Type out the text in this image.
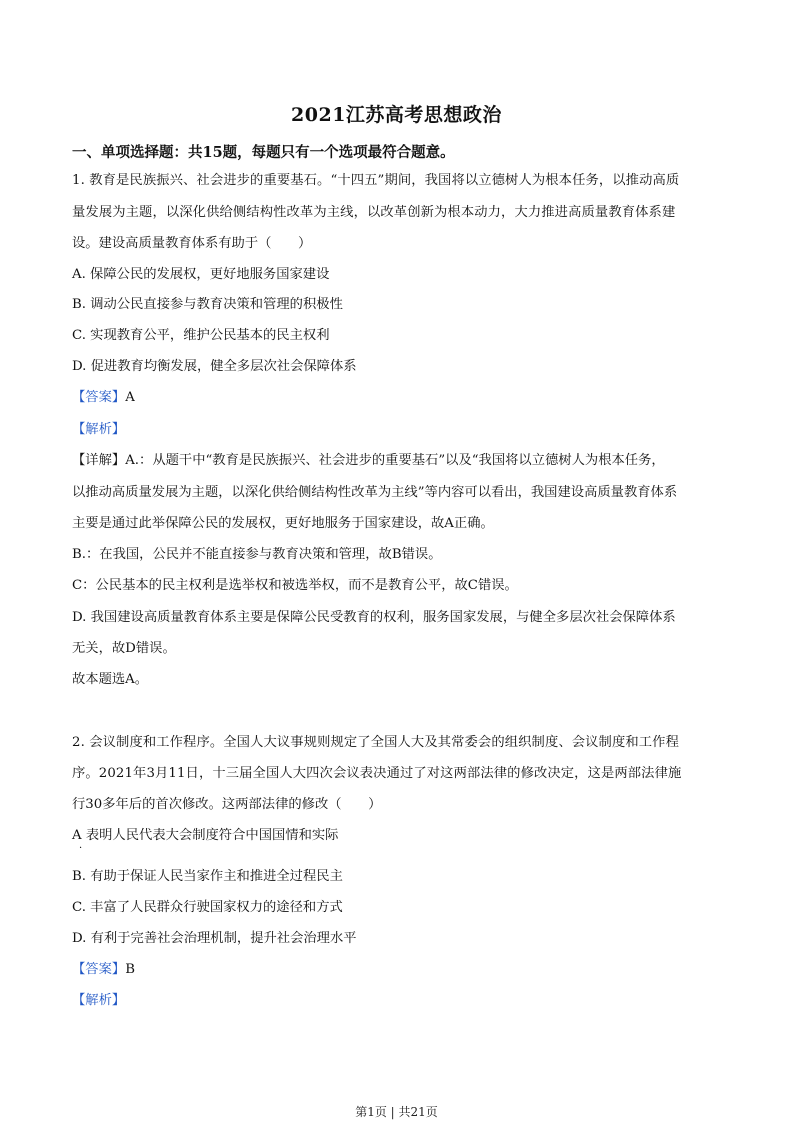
2021江苏高考思想政治
一、单项选择题：共15题，每题只有一个选项最符合题意。
1. 教育是民族振兴、社会进步的重要基石。“十四五”期间，我国将以立德树人为根本任务，以推动高质
量发展为主题，以深化供给侧结构性改革为主线，以改革创新为根本动力，大力推进高质量教育体系建
设。建设高质量教育体系有助于（　　）
A. 保障公民的发展权，更好地服务国家建设
B. 调动公民直接参与教育决策和管理的积极性
C. 实现教育公平，维护公民基本的民主权利
D. 促进教育均衡发展，健全多层次社会保障体系
【答案】A
【解析】
【详解】A.：从题干中“教育是民族振兴、社会进步的重要基石”以及“我国将以立德树人为根本任务，
以推动高质量发展为主题，以深化供给侧结构性改革为主线”等内容可以看出，我国建设高质量教育体系
主要是通过此举保障公民的发展权，更好地服务于国家建设，故A正确。
B.：在我国，公民并不能直接参与教育决策和管理，故B错误。
C：公民基本的民主权利是选举权和被选举权，而不是教育公平，故C错误。
D. 我国建设高质量教育体系主要是保障公民受教育的权利，服务国家发展，与健全多层次社会保障体系
无关，故D错误。
故本题选A。
2. 会议制度和工作程序。全国人大议事规则规定了全国人大及其常委会的组织制度、会议制度和工作程
序。2021年3月11日，十三届全国人大四次会议表决通过了对这两部法律的修改决定，这是两部法律施
行30多年后的首次修改。这两部法律的修改（　　）
A 表明人民代表大会制度符合中国国情和实际
·
B. 有助于保证人民当家作主和推进全过程民主
C. 丰富了人民群众行驶国家权力的途径和方式
D. 有利于完善社会治理机制，提升社会治理水平
【答案】B
【解析】
第1页 | 共21页
